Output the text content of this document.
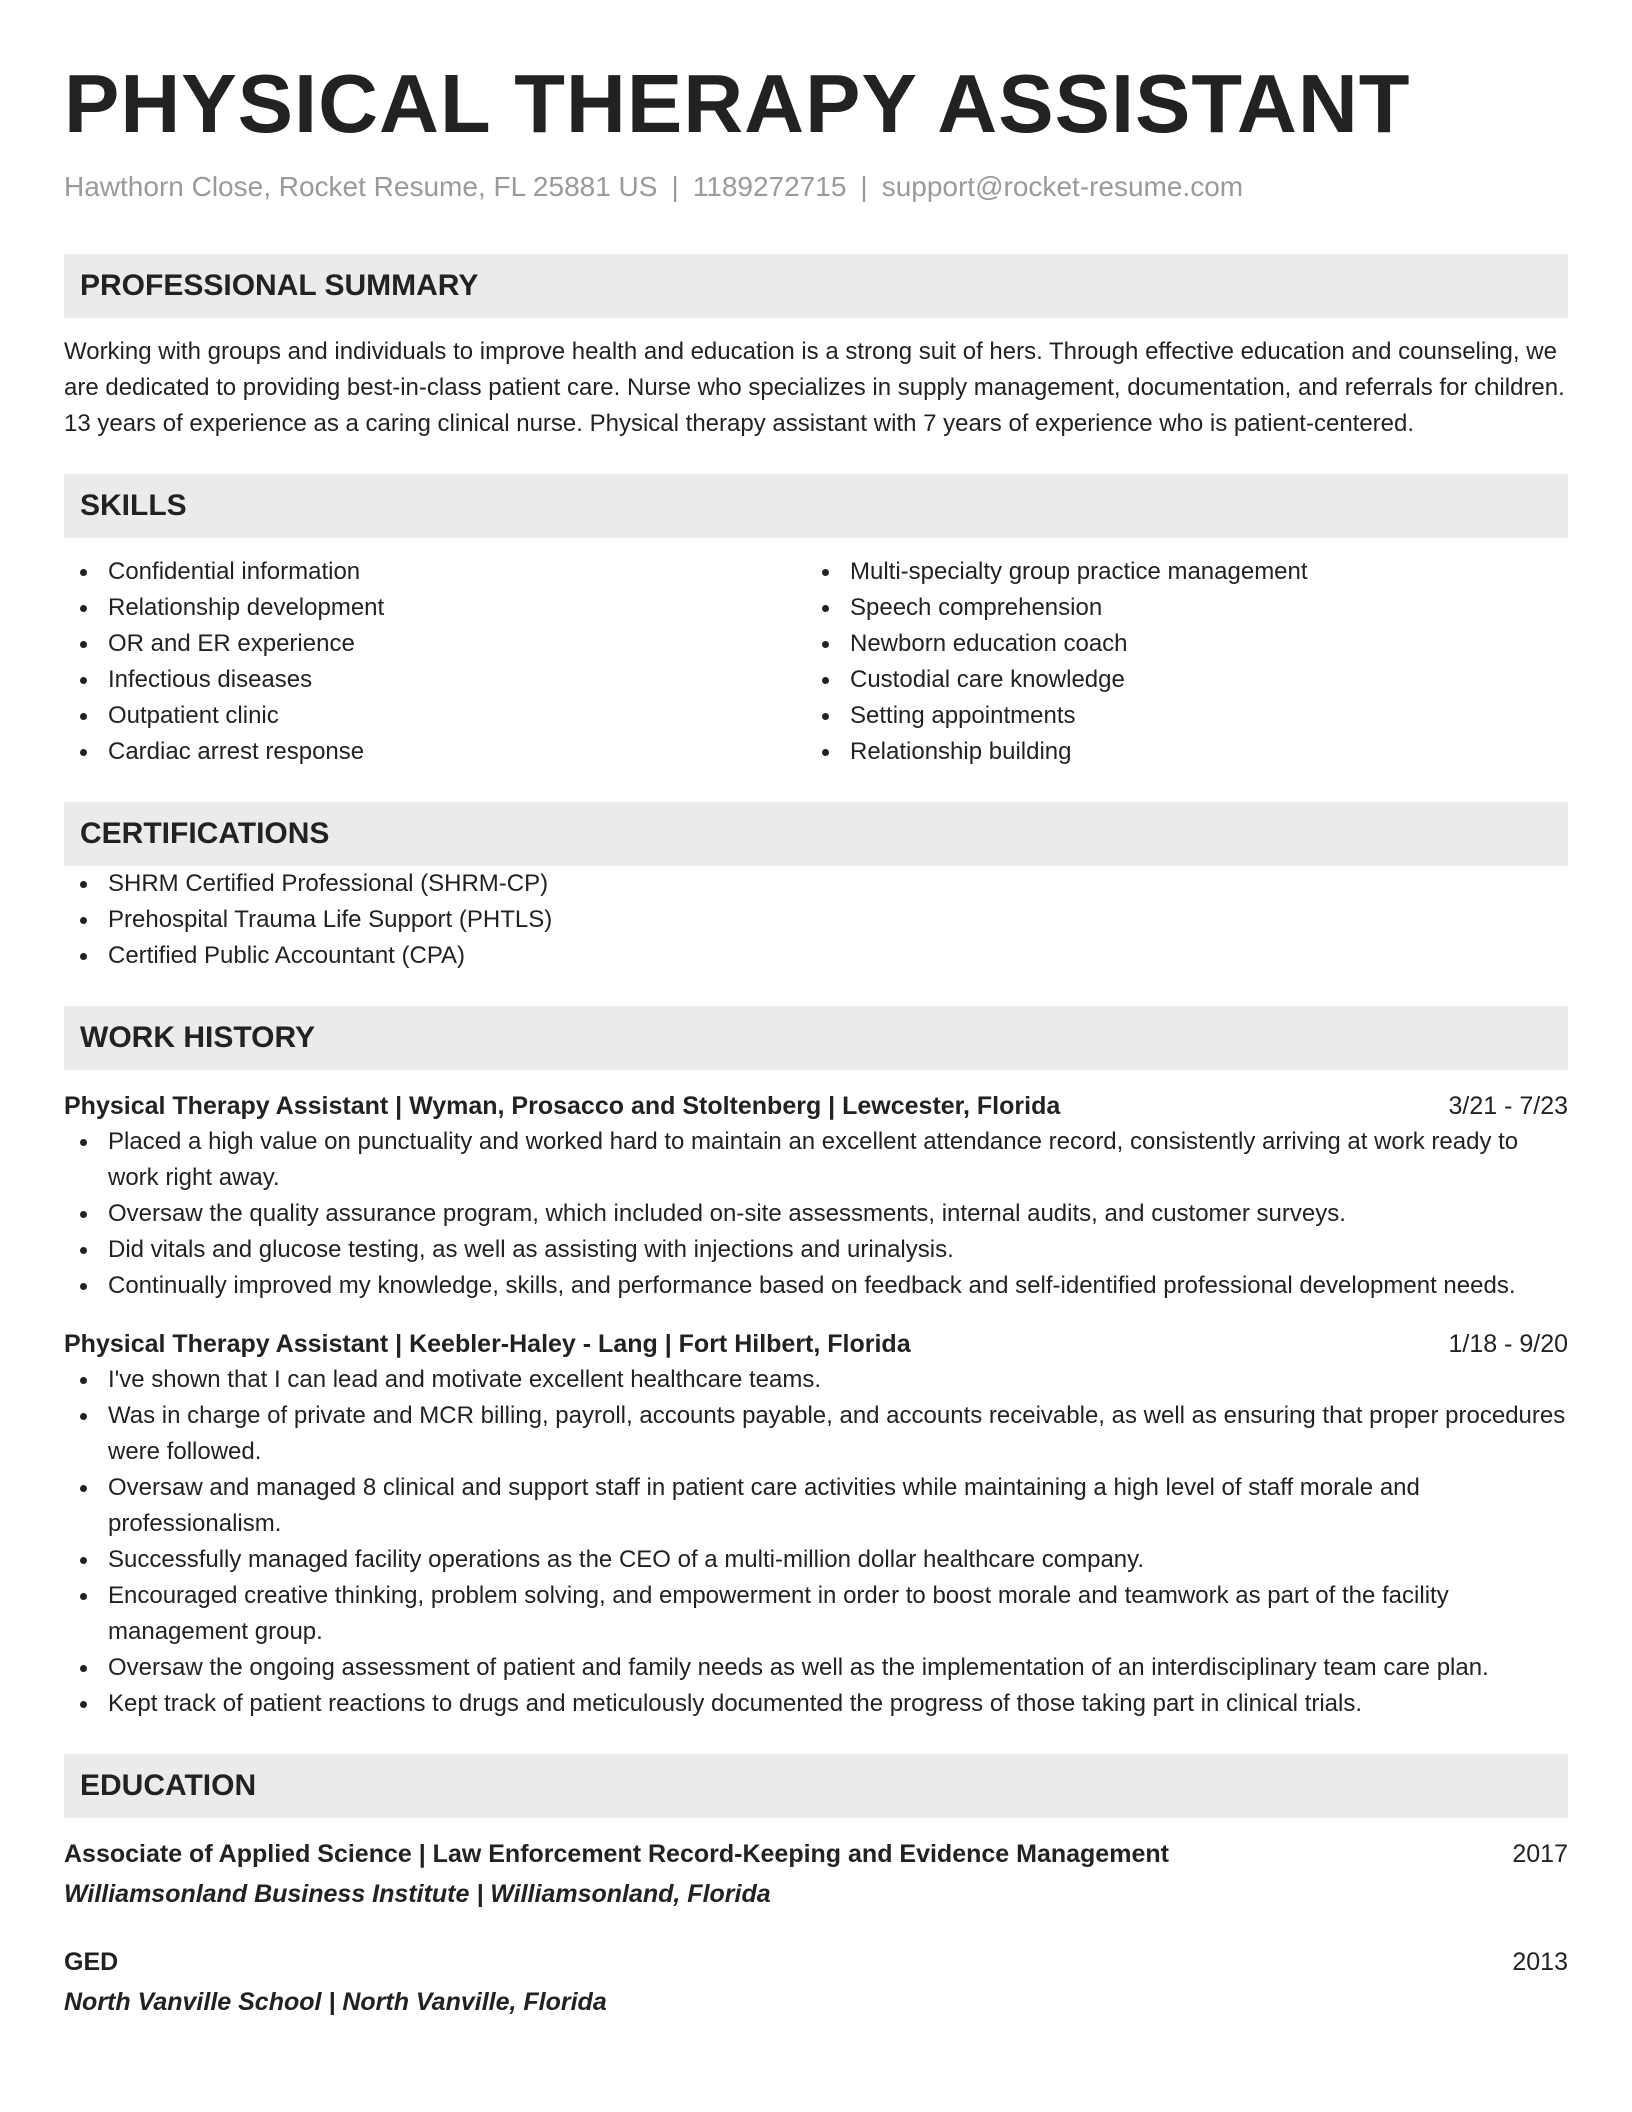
PHYSICAL THERAPY ASSISTANT
Hawthorn Close, Rocket Resume, FL 25881 US | 1189272715 | support@rocket-resume.com
PROFESSIONAL SUMMARY
Working with groups and individuals to improve health and education is a strong suit of hers. Through effective education and counseling, we are dedicated to providing best-in-class patient care. Nurse who specializes in supply management, documentation, and referrals for children. 13 years of experience as a caring clinical nurse. Physical therapy assistant with 7 years of experience who is patient-centered.
SKILLS
Confidential information
Relationship development
OR and ER experience
Infectious diseases
Outpatient clinic
Cardiac arrest response
Multi-specialty group practice management
Speech comprehension
Newborn education coach
Custodial care knowledge
Setting appointments
Relationship building
CERTIFICATIONS
SHRM Certified Professional (SHRM-CP)
Prehospital Trauma Life Support (PHTLS)
Certified Public Accountant (CPA)
WORK HISTORY
Physical Therapy Assistant | Wyman, Prosacco and Stoltenberg | Lewcester, Florida	3/21 - 7/23
Placed a high value on punctuality and worked hard to maintain an excellent attendance record, consistently arriving at work ready to work right away.
Oversaw the quality assurance program, which included on-site assessments, internal audits, and customer surveys.
Did vitals and glucose testing, as well as assisting with injections and urinalysis.
Continually improved my knowledge, skills, and performance based on feedback and self-identified professional development needs.
Physical Therapy Assistant | Keebler-Haley - Lang | Fort Hilbert, Florida	1/18 - 9/20
I've shown that I can lead and motivate excellent healthcare teams.
Was in charge of private and MCR billing, payroll, accounts payable, and accounts receivable, as well as ensuring that proper procedures were followed.
Oversaw and managed 8 clinical and support staff in patient care activities while maintaining a high level of staff morale and professionalism.
Successfully managed facility operations as the CEO of a multi-million dollar healthcare company.
Encouraged creative thinking, problem solving, and empowerment in order to boost morale and teamwork as part of the facility management group.
Oversaw the ongoing assessment of patient and family needs as well as the implementation of an interdisciplinary team care plan.
Kept track of patient reactions to drugs and meticulously documented the progress of those taking part in clinical trials.
EDUCATION
Associate of Applied Science | Law Enforcement Record-Keeping and Evidence Management	2017
Williamsonland Business Institute | Williamsonland, Florida
GED	2013
North Vanville School | North Vanville, Florida
